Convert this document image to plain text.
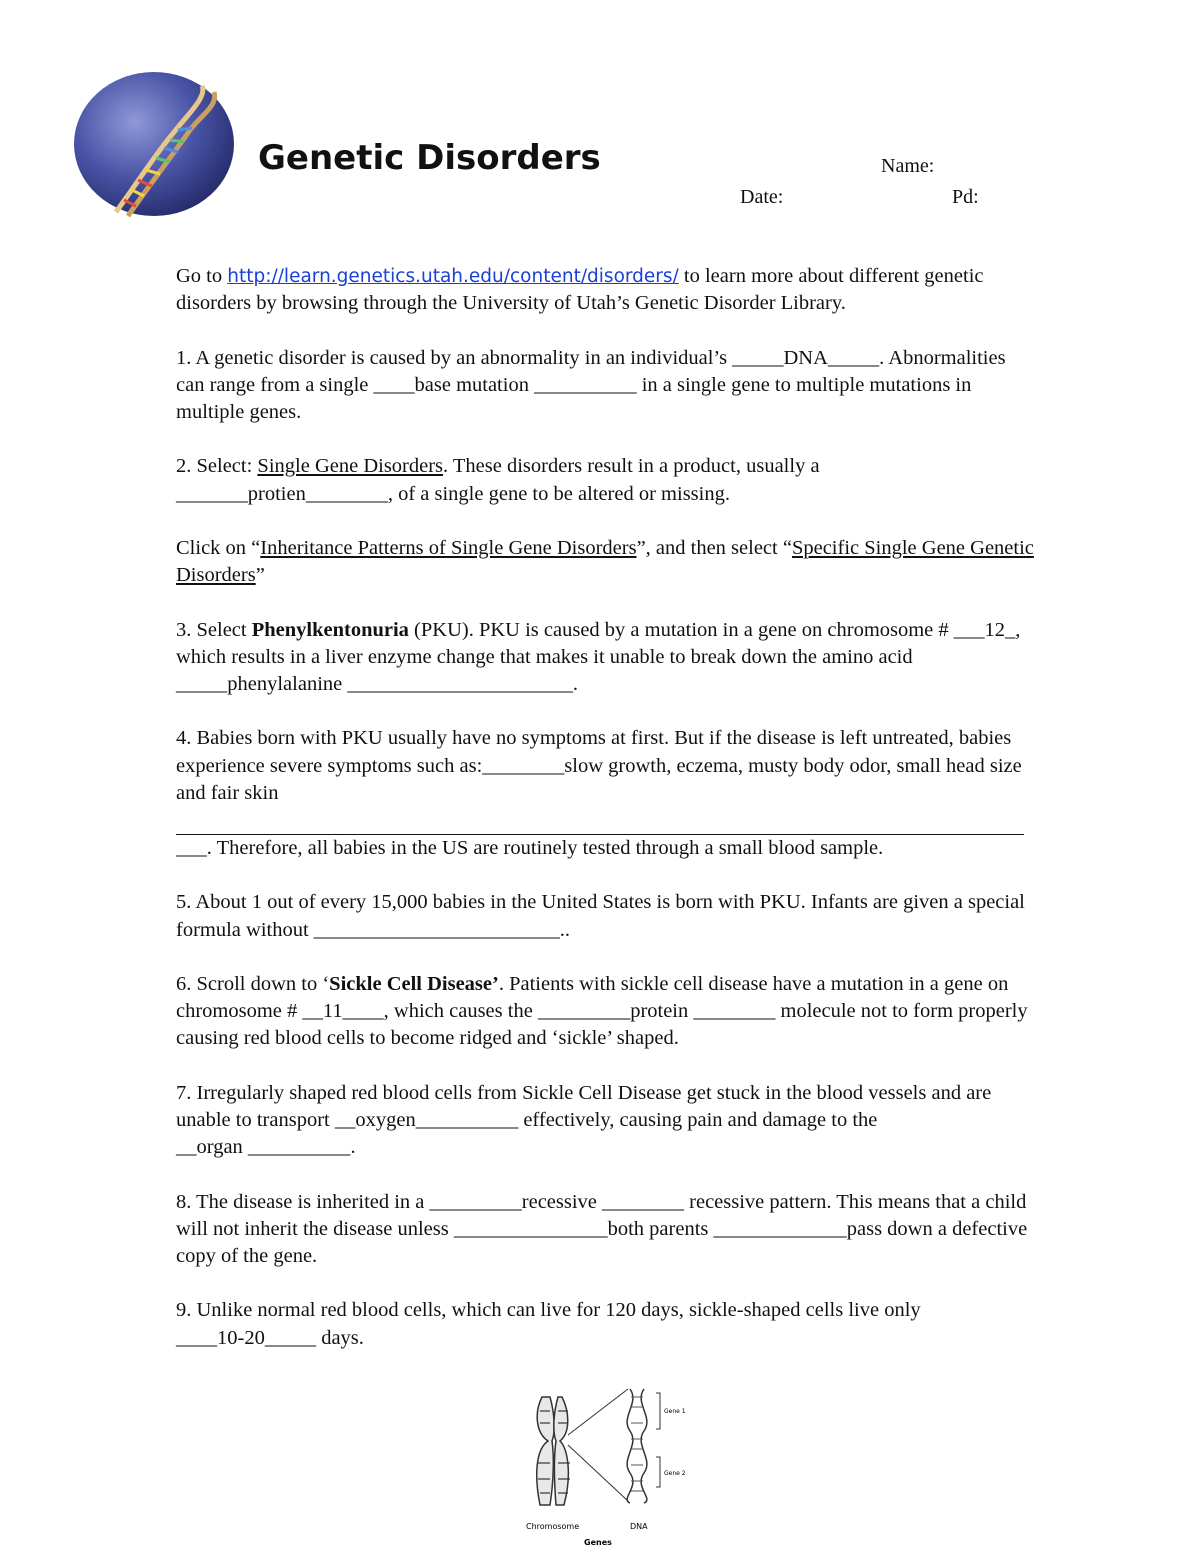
Genetic Disorders	Name:
Date:	Pd:

Go to http://learn.genetics.utah.edu/content/disorders/ to learn more about different genetic disorders by browsing through the University of Utah’s Genetic Disorder Library.

1. A genetic disorder is caused by an abnormality in an individual’s _____DNA_____. Abnormalities can range from a single ____base mutation __________ in a single gene to multiple mutations in multiple genes.

2. Select: Single Gene Disorders. These disorders result in a product, usually a _______protien________, of a single gene to be altered or missing.

Click on “Inheritance Patterns of Single Gene Disorders”, and then select “Specific Single Gene Genetic Disorders”

3. Select Phenylkentonuria (PKU). PKU is caused by a mutation in a gene on chromosome # ___12_, which results in a liver enzyme change that makes it unable to break down the amino acid _____phenylalanine ______________________.

4. Babies born with PKU usually have no symptoms at first. But if the disease is left untreated, babies experience severe symptoms such as:________slow growth, eczema, musty body odor, small head size and fair skin
___. Therefore, all babies in the US are routinely tested through a small blood sample.

5. About 1 out of every 15,000 babies in the United States is born with PKU. Infants are given a special formula without ________________________..

6. Scroll down to ‘Sickle Cell Disease’. Patients with sickle cell disease have a mutation in a gene on chromosome # __11____, which causes the _________protein ________ molecule not to form properly causing red blood cells to become ridged and ‘sickle’ shaped.

7. Irregularly shaped red blood cells from Sickle Cell Disease get stuck in the blood vessels and are unable to transport __oxygen__________ effectively, causing pain and damage to the __organ __________.

8. The disease is inherited in a _________recessive ________ recessive pattern. This means that a child will not inherit the disease unless _______________both parents _____________pass down a defective copy of the gene.

9. Unlike normal red blood cells, which can live for 120 days, sickle-shaped cells live only ____10-20_____ days.

Gene 1
Gene 2
Chromosome	DNA
Genes
